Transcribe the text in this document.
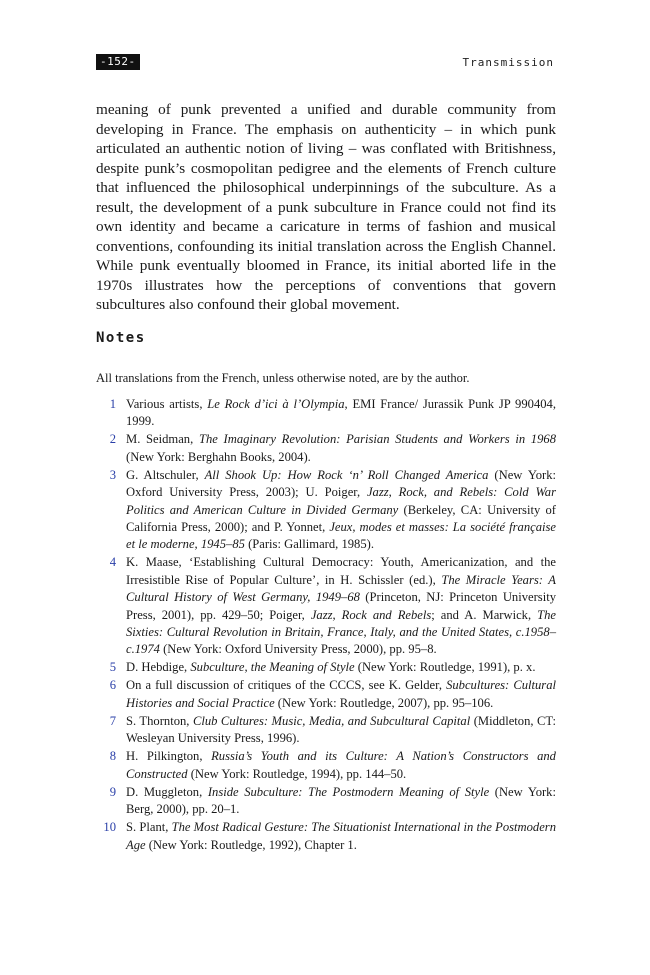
-152-	Transmission

meaning of punk prevented a unified and durable community from developing in France. The emphasis on authenticity – in which punk articulated an authentic notion of living – was conflated with Britishness, despite punk’s cosmopolitan pedigree and the elements of French culture that influenced the philosophical underpinnings of the subculture. As a result, the development of a punk subculture in France could not find its own identity and became a caricature in terms of fashion and musical conventions, confounding its initial translation across the English Channel. While punk eventually bloomed in France, its initial aborted life in the 1970s illustrates how the perceptions of conventions that govern subcultures also confound their global movement.

Notes

All translations from the French, unless otherwise noted, are by the author.

1 Various artists, Le Rock d’ici à l’Olympia, EMI France/ Jurassik Punk JP 990404, 1999.
2 M. Seidman, The Imaginary Revolution: Parisian Students and Workers in 1968 (New York: Berghahn Books, 2004).
3 G. Altschuler, All Shook Up: How Rock ‘n’ Roll Changed America (New York: Oxford University Press, 2003); U. Poiger, Jazz, Rock, and Rebels: Cold War Politics and American Culture in Divided Germany (Berkeley, CA: University of California Press, 2000); and P. Yonnet, Jeux, modes et masses: La société française et le moderne, 1945–85 (Paris: Gallimard, 1985).
4 K. Maase, ‘Establishing Cultural Democracy: Youth, Americanization, and the Irresistible Rise of Popular Culture’, in H. Schissler (ed.), The Miracle Years: A Cultural History of West Germany, 1949–68 (Princeton, NJ: Princeton University Press, 2001), pp. 429–50; Poiger, Jazz, Rock and Rebels; and A. Marwick, The Sixties: Cultural Revolution in Britain, France, Italy, and the United States, c.1958–c.1974 (New York: Oxford University Press, 2000), pp. 95–8.
5 D. Hebdige, Subculture, the Meaning of Style (New York: Routledge, 1991), p. x.
6 On a full discussion of critiques of the CCCS, see K. Gelder, Subcultures: Cultural Histories and Social Practice (New York: Routledge, 2007), pp. 95–106.
7 S. Thornton, Club Cultures: Music, Media, and Subcultural Capital (Middleton, CT: Wesleyan University Press, 1996).
8 H. Pilkington, Russia’s Youth and its Culture: A Nation’s Constructors and Constructed (New York: Routledge, 1994), pp. 144–50.
9 D. Muggleton, Inside Subculture: The Postmodern Meaning of Style (New York: Berg, 2000), pp. 20–1.
10 S. Plant, The Most Radical Gesture: The Situationist International in the Postmodern Age (New York: Routledge, 1992), Chapter 1.
